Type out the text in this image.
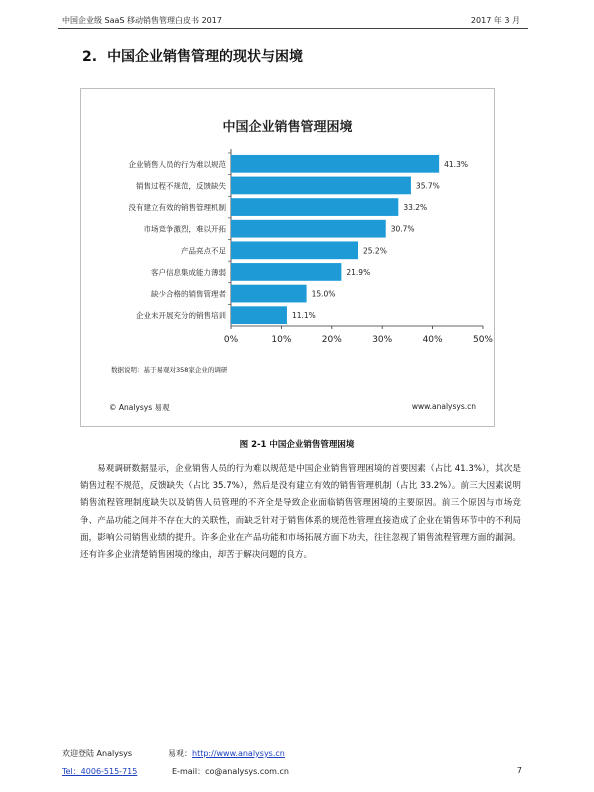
中国企业级 SaaS 移动销售管理白皮书 2017	2017 年 3 月
2. 中国企业销售管理的现状与困境
中国企业销售管理困境
0%	10%	20%	30%	40%	50%
企业销售人员的行为难以规范	41.3%
销售过程不规范，反馈缺失	35.7%
没有建立有效的销售管理机制	33.2%
市场竞争激烈，难以开拓	30.7%
产品亮点不足	25.2%
客户信息集成能力薄弱	21.9%
缺少合格的销售管理者	15.0%
企业未开展充分的销售培训	11.1%
数据说明：基于易观对358家企业的调研
© Analysys 易观	www.analysys.cn
图 2-1 中国企业销售管理困境

易观调研数据显示，企业销售人员的行为难以规范是中国企业销售管理困境的首要因素（占比 41.3%），其次是销售过程不规范，反馈缺失（占比 35.7%），然后是没有建立有效的销售管理机制（占比 33.2%）。前三大因素说明销售流程管理制度缺失以及销售人员管理的不齐全是导致企业面临销售管理困境的主要原因。前三个原因与市场竞争、产品功能之间并不存在大的关联性，而缺乏针对于销售体系的规范性管理直接造成了企业在销售环节中的不利局面，影响公司销售业绩的提升。许多企业在产品功能和市场拓展方面下功夫，往往忽视了销售流程管理方面的漏洞。还有许多企业清楚销售困境的缘由，却苦于解决问题的良方。

欢迎登陆 Analysys	易观：http://www.analysys.cn
Tel：4006-515-715	E-mail：co@analysys.com.cn	7
